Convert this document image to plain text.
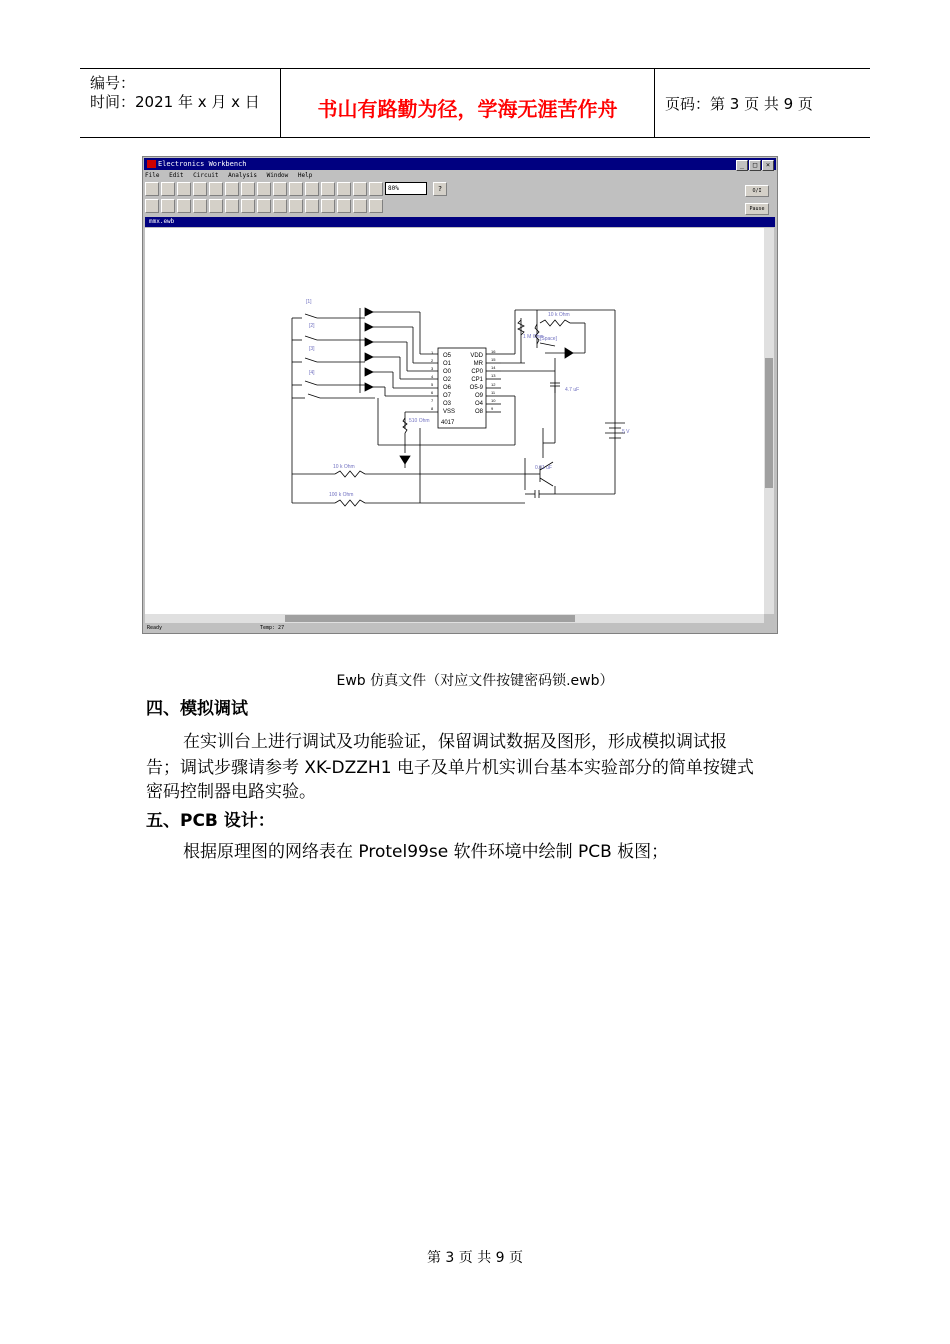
编号：
时间：2021 年 x 月 x 日	书山有路勤为径，学海无涯苦作舟	页码：第 3 页 共 9 页
Electronics Workbench	_ □ ×
File Edit Circuit Analysis Window Help
80%	?	O/I
Pause
mmx.ewb
[1]
[2]
[3]
[4]
10 k Ohm
1 M Ohm
[Space]
4.7 uF
5 V
510 Ohm
10 k Ohm	0.01 uF
100 k Ohm
O5
O1
O0
O2
O6
O7
O3
VSS
VDD
MR
CP0
CP1
O5-9
O9
O4
O8
4017
1
2
3
4
5
6
7
8
16
15
14
13
12
11
10
9
Ready	Temp: 27
Ewb 仿真文件（对应文件按键密码锁.ewb）
四、模拟调试
在实训台上进行调试及功能验证，保留调试数据及图形，形成模拟调试报
告；调试步骤请参考 XK-DZZH1 电子及单片机实训台基本实验部分的简单按键式
密码控制器电路实验。
五、PCB 设计：
根据原理图的网络表在 Protel99se 软件环境中绘制 PCB 板图；
第 3 页 共 9 页
